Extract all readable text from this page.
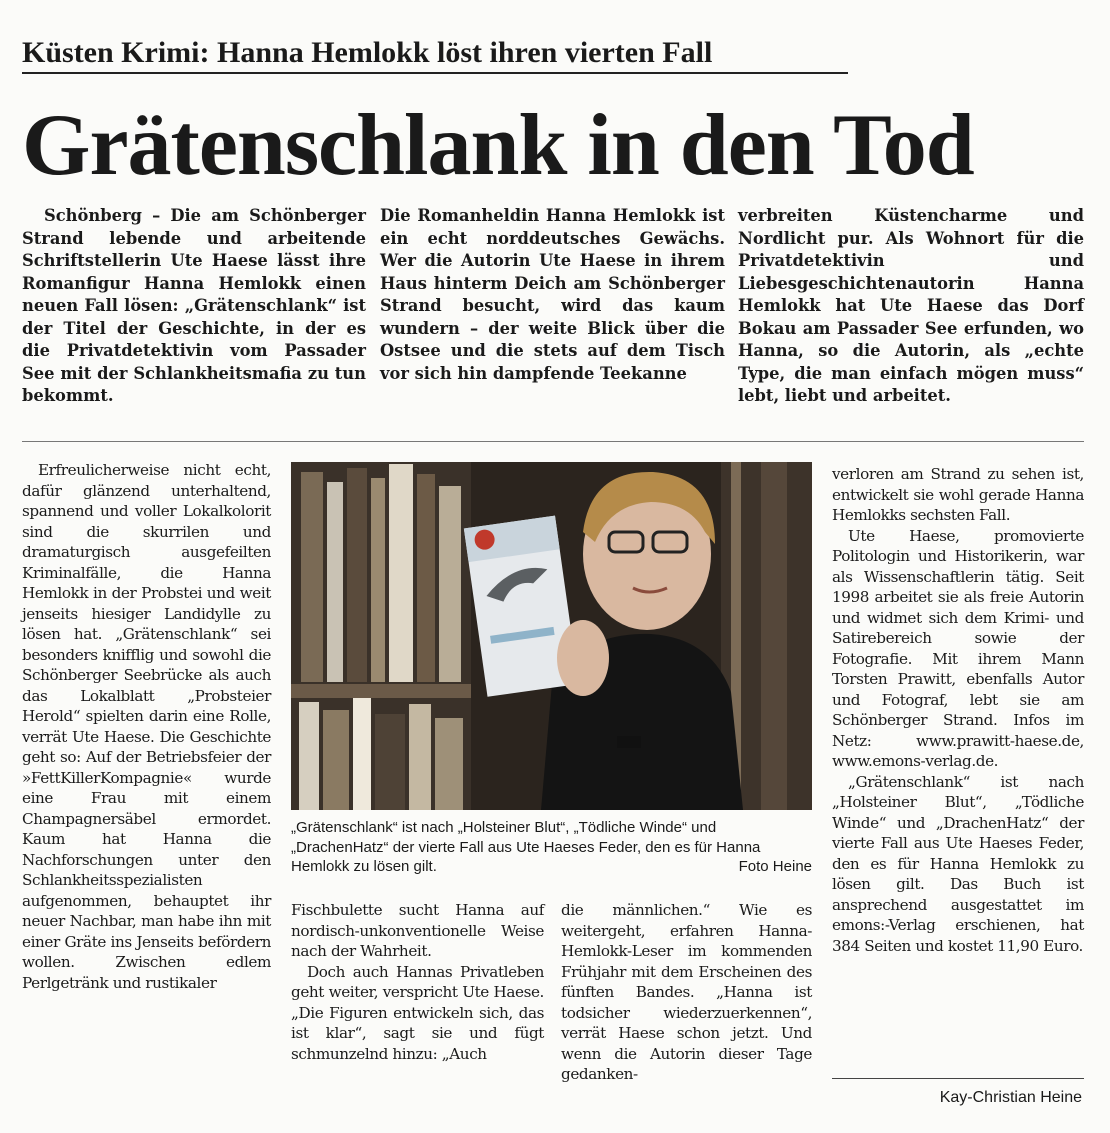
Küsten Krimi: Hanna Hemlokk löst ihren vierten Fall
Grätenschlank in den Tod

Schönberg – Die am Schönberger Strand lebende und arbeitende Schriftstellerin Ute Haese lässt ihre Romanfigur Hanna Hemlokk einen neuen Fall lösen: „Grätenschlank“ ist der Titel der Geschichte, in der es die Privatdetektivin vom Passader See mit der Schlankheitsmafia zu tun bekommt.

Die Romanheldin Hanna Hemlokk ist ein echt norddeutsches Gewächs. Wer die Autorin Ute Haese in ihrem Haus hinterm Deich am Schönberger Strand besucht, wird das kaum wundern – der weite Blick über die Ostsee und die stets auf dem Tisch vor sich hin dampfende Teekanne

verbreiten Küstencharme und Nordlicht pur. Als Wohnort für die Privatdetektivin und Liebesgeschichtenautorin Hanna Hemlokk hat Ute Haese das Dorf Bokau am Passader See erfunden, wo Hanna, so die Autorin, als „echte Type, die man einfach mögen muss“ lebt, liebt und arbeitet.

Erfreulicherweise nicht echt, dafür glänzend unterhaltend, spannend und voller Lokalkolorit sind die skurrilen und dramaturgisch ausgefeilten Kriminalfälle, die Hanna Hemlokk in der Probstei und weit jenseits hiesiger Landidylle zu lösen hat. „Grätenschlank“ sei besonders knifflig und sowohl die Schönberger Seebrücke als auch das Lokalblatt „Probsteier Herold“ spielten darin eine Rolle, verrät Ute Haese. Die Geschichte geht so: Auf der Betriebsfeier der »FettKillerKompagnie« wurde eine Frau mit einem Champagnersäbel ermordet. Kaum hat Hanna die Nachforschungen unter den Schlankheitsspezialisten aufgenommen, behauptet ihr neuer Nachbar, man habe ihn mit einer Gräte ins Jenseits befördern wollen. Zwischen edlem Perlgetränk und rustikaler

„Grätenschlank“ ist nach „Holsteiner Blut“, „Tödliche Winde“ und „DrachenHatz“ der vierte Fall aus Ute Haeses Feder, den es für Hanna Hemlokk zu lösen gilt.	Foto Heine

Fischbulette sucht Hanna auf nordisch-unkonventionelle Weise nach der Wahrheit.

Doch auch Hannas Privatleben geht weiter, verspricht Ute Haese. „Die Figuren entwickeln sich, das ist klar“, sagt sie und fügt schmunzelnd hinzu: „Auch

die männlichen.“ Wie es weitergeht, erfahren Hanna-Hemlokk-Leser im kommenden Frühjahr mit dem Erscheinen des fünften Bandes. „Hanna ist todsicher wiederzuerkennen“, verrät Haese schon jetzt. Und wenn die Autorin dieser Tage gedanken-

verloren am Strand zu sehen ist, entwickelt sie wohl gerade Hanna Hemlokks sechsten Fall.

Ute Haese, promovierte Politologin und Historikerin, war als Wissenschaftlerin tätig. Seit 1998 arbeitet sie als freie Autorin und widmet sich dem Krimi- und Satirebereich sowie der Fotografie. Mit ihrem Mann Torsten Prawitt, ebenfalls Autor und Fotograf, lebt sie am Schönberger Strand. Infos im Netz: www.prawitt-haese.de, www.emons-verlag.de.

„Grätenschlank“ ist nach „Holsteiner Blut“, „Tödliche Winde“ und „DrachenHatz“ der vierte Fall aus Ute Haeses Feder, den es für Hanna Hemlokk zu lösen gilt. Das Buch ist ansprechend ausgestattet im emons:-Verlag erschienen, hat 384 Seiten und kostet 11,90 Euro.

Kay-Christian Heine
